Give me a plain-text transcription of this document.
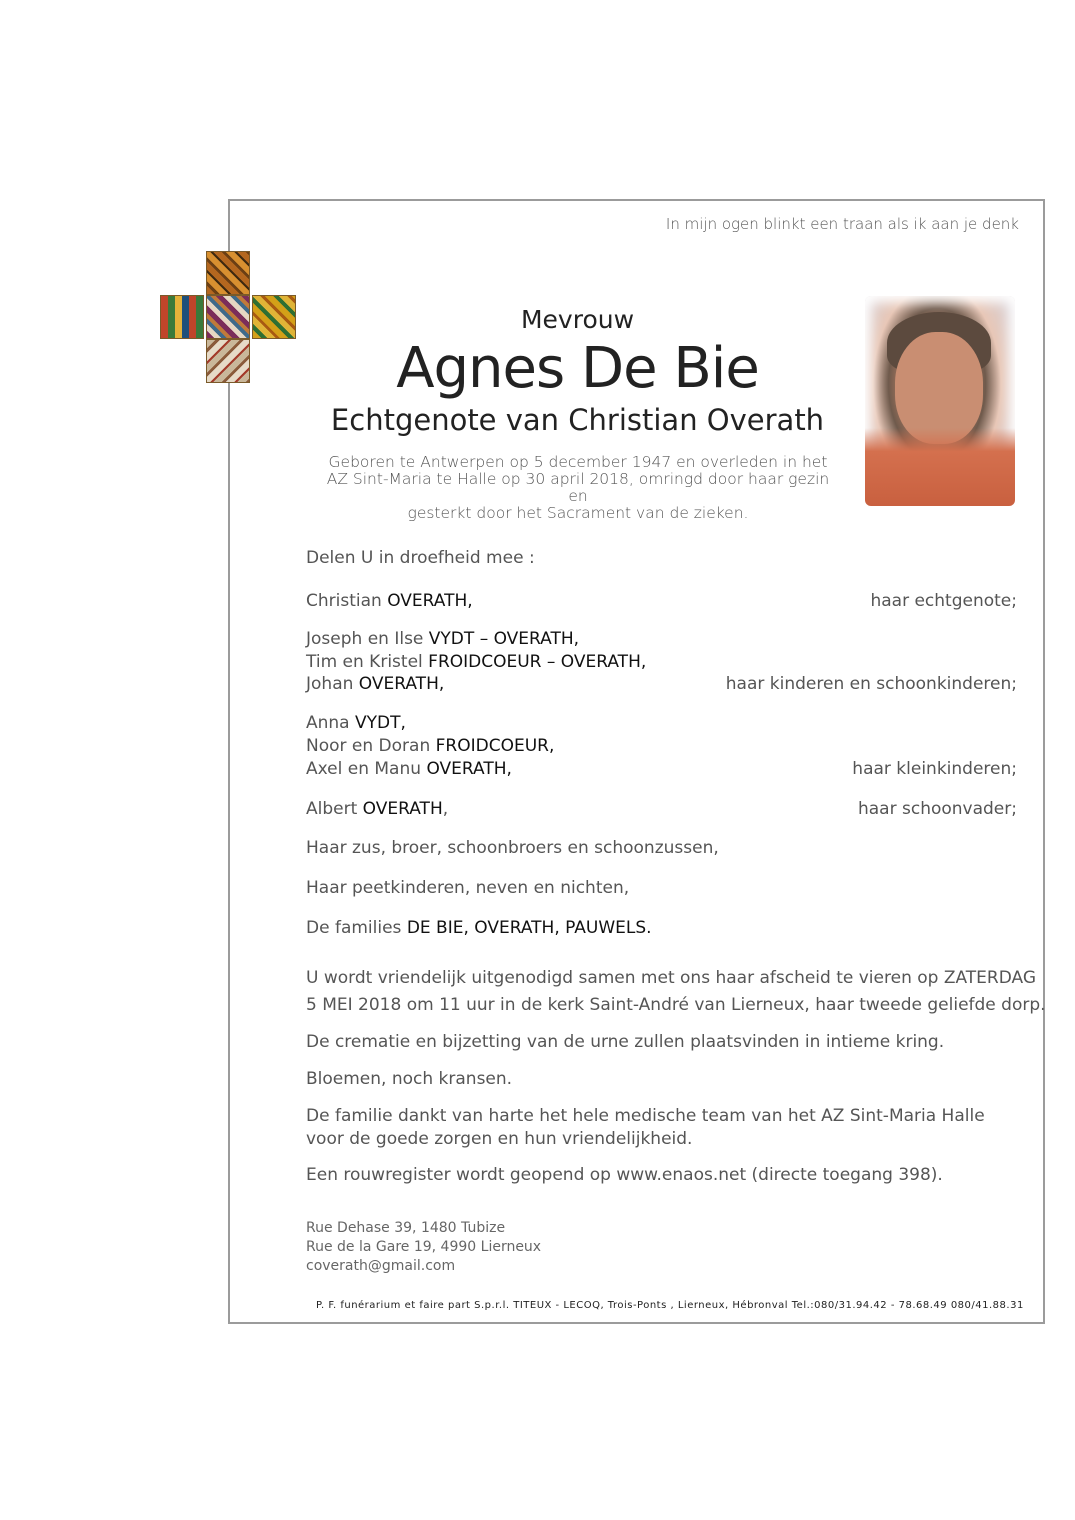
In mijn ogen blinkt een traan als ik aan je denk
Mevrouw
Agnes De Bie
Echtgenote van Christian Overath
Geboren te Antwerpen op 5 december 1947 en overleden in het
AZ Sint-Maria te Halle op 30 april 2018, omringd door haar gezin en
gesterkt door het Sacrament van de zieken.
Delen U in droefheid mee :
Christian OVERATH,	haar echtgenote;
Joseph en Ilse VYDT – OVERATH,
Tim en Kristel FROIDCOEUR – OVERATH,
Johan OVERATH,	haar kinderen en schoonkinderen;
Anna VYDT,
Noor en Doran FROIDCOEUR,
Axel en Manu OVERATH,	haar kleinkinderen;
Albert OVERATH,	haar schoonvader;
Haar zus, broer, schoonbroers en schoonzussen,
Haar peetkinderen, neven en nichten,
De families DE BIE, OVERATH, PAUWELS.
U wordt vriendelijk uitgenodigd samen met ons haar afscheid te vieren op ZATERDAG
5 MEI 2018 om 11 uur in de kerk Saint-André van Lierneux, haar tweede geliefde dorp.
De crematie en bijzetting van de urne zullen plaatsvinden in intieme kring.
Bloemen, noch kransen.
De familie dankt van harte het hele medische team van het AZ Sint-Maria Halle
voor de goede zorgen en hun vriendelijkheid.
Een rouwregister wordt geopend op www.enaos.net (directe toegang 398).
Rue Dehase 39, 1480 Tubize
Rue de la Gare 19, 4990 Lierneux
coverath@gmail.com
P. F. funérarium et faire part S.p.r.l. TITEUX - LECOQ, Trois-Ponts , Lierneux, Hébronval Tel.:080/31.94.42 - 78.68.49 080/41.88.31
